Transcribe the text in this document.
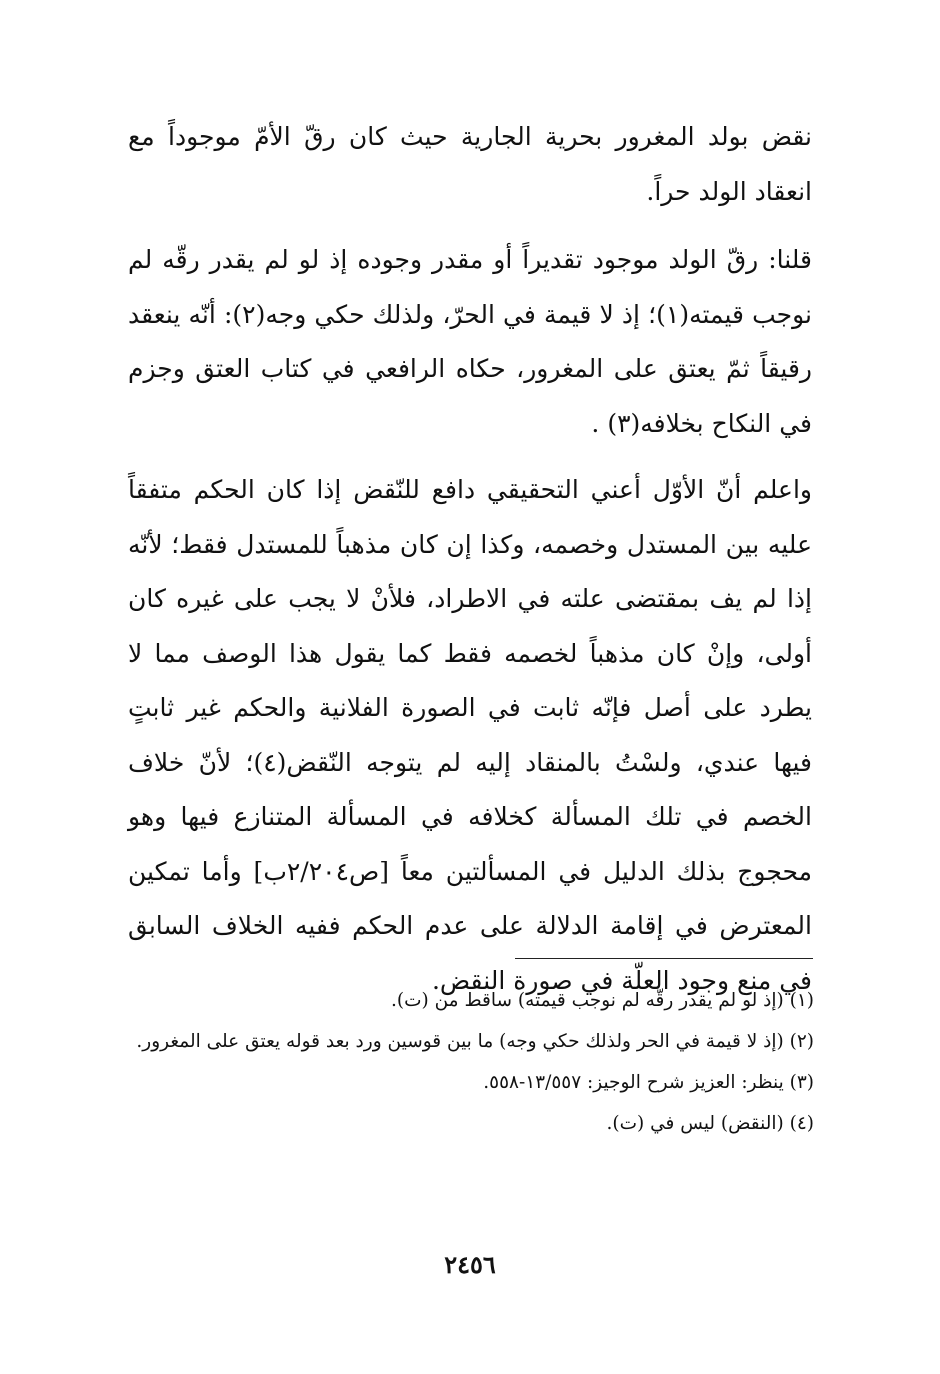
نقض بولد المغرور بحرية الجارية حيث كان رقّ الأمّ موجوداً مع انعقاد الولد حراً.

قلنا: رقّ الولد موجود تقديراً أو مقدر وجوده إذ لو لم يقدر رقّه لم نوجب قيمته(١)؛ إذ لا قيمة في الحرّ، ولذلك حكي وجه(٢): أنّه ينعقد رقيقاً ثمّ يعتق على المغرور، حكاه الرافعي في كتاب العتق وجزم في النكاح بخلافه(٣) .

واعلم أنّ الأوّل أعني التحقيقي دافع للنّقض إذا كان الحكم متفقاً عليه بين المستدل وخصمه، وكذا إن كان مذهباً للمستدل فقط؛ لأنّه إذا لم يف بمقتضى علته في الاطراد، فلأنْ لا يجب على غيره كان أولى، وإنْ كان مذهباً لخصمه فقط كما يقول هذا الوصف مما لا يطرد على أصل فإنّه ثابت في الصورة الفلانية والحكم غير ثابتٍ فيها عندي، ولسْتُ بالمنقاد إليه لم يتوجه النّقض(٤)؛ لأنّ خلاف الخصم في تلك المسألة كخلافه في المسألة المتنازع فيها وهو محجوج بذلك الدليل في المسألتين معاً [ص٢/٢٠٤ب] وأما تمكين المعترض في إقامة الدلالة على عدم الحكم ففيه الخلاف السابق في منع وجود العلّة في صورة النقض.

(١) (إذ لو لم يقدر رقّه لم نوجب قيمته) ساقط من (ت).

(٢) (إذ لا قيمة في الحر ولذلك حكي وجه) ما بين قوسين ورد بعد قوله يعتق على المغرور.

(٣) ينظر: العزيز شرح الوجيز: ١٣/٥٥٧-٥٥٨.

(٤) (النقض) ليس في (ت).

٢٤٥٦
